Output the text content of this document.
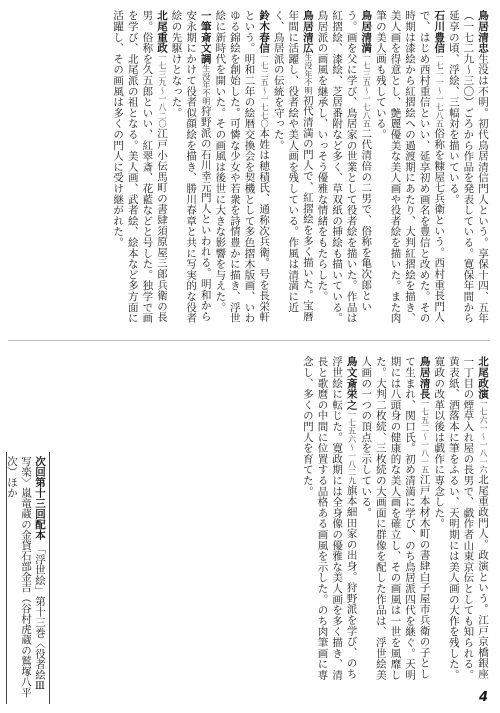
鳥居清忠生没は不明。初代鳥居清信門人という。享保十四、五年（一七二九〜三〇）ごろから作品を発表している。寛保年間から延享の頃、浮絵、三幅対を描いている。
石川豊信一七一一〜一七八五俗称を糠屋七兵衛という。西村重長門人で、はじめ西村重信といい、延享初め画名を豊信と改めた。その時期は漆絵から紅摺絵への過渡期にあたり、大判紅摺絵を描き、美人画を得意とし、艶麗優美な美人画や役者絵を描いた。また肉筆の美人画も残している。
鳥居清満一七三五〜一七八五二代清倍の二男で、俗称を亀次郎という。画を父に学び、鳥居家の世業として役者絵を描いた。作品は紅摺絵、漆絵、芝居番附など多く、草双紙の挿絵も描いている。鳥居派の画風を継承し、いっそう優雅な情緒をもたらした。
鳥居清広生没年不明初代清満の門人で、紅摺絵を多く描いた。宝暦年間に活躍し、役者絵や美人画を残している。作風は清満に近く、鳥居派の伝統を守った。
鈴木春信一七二五〜一七七〇本姓は穂積氏、通称次兵衛。号を長栄軒という。明和二年の絵暦交換会を契機として多色摺木版画、いわゆる錦絵を創始した。可憐な少女や若衆を詩情豊かに描き、浮世絵に新時代を開いた。その画風は後世に大きな影響を与えた。
一筆斎文調生没年不明狩野派の石川幸元門人といわれる。明和から安永期にかけて役者似顔絵を描き、勝川春章と共に写実的な役者絵の先駆けとなった。
北尾重政一七三九〜一八二〇江戸小伝馬町の書肆須原屋三郎兵衛の長男。俗称を久五郎といい、紅翠斎、花藍などと号した。独学で画を学び、北尾派の祖となる。美人画、武者絵、絵本など多方面に活躍し、その画風は多くの門人に受け継がれた。
北尾政演一七六一〜一八一六北尾重政門人。政演という。江戸京橋銀座一丁目の煙草入れ屋の長男で、戯作者山東京伝としても知られる。黄表紙、洒落本に筆をふるい、天明期には美人画の大作を残した。寛政の改革以後は戯作に専念した。
鳥居清長一七五二〜一八一五江戸本材木町の書肆白子屋市兵衛の子として生まれ、関口氏。初め清満に学び、のち鳥居派四代を継ぐ。天明期には八頭身の健康的な美人画を確立し、その画風は一世を風靡した。大判二枚続、三枚続の大画面に群像を配した作品は、浮世絵美人画の一つの頂点を示している。
鳥文斎栄之一七五六〜一八二九旗本細田家の出身。狩野派を学び、のち浮世絵に転じた。寛政期には全身像の優雅な美人画を多く描き、清長と歌麿の中間に位置する品格ある画風を示した。のち肉筆画に専念し、多くの門人を育てた。
次回第十三回配本 「浮世絵」第十三巻〈役者絵Ⅲ　写楽〉嵐竜蔵の金貸石部金吉（谷村虎蔵の鷲塚八平次）ほか
4
